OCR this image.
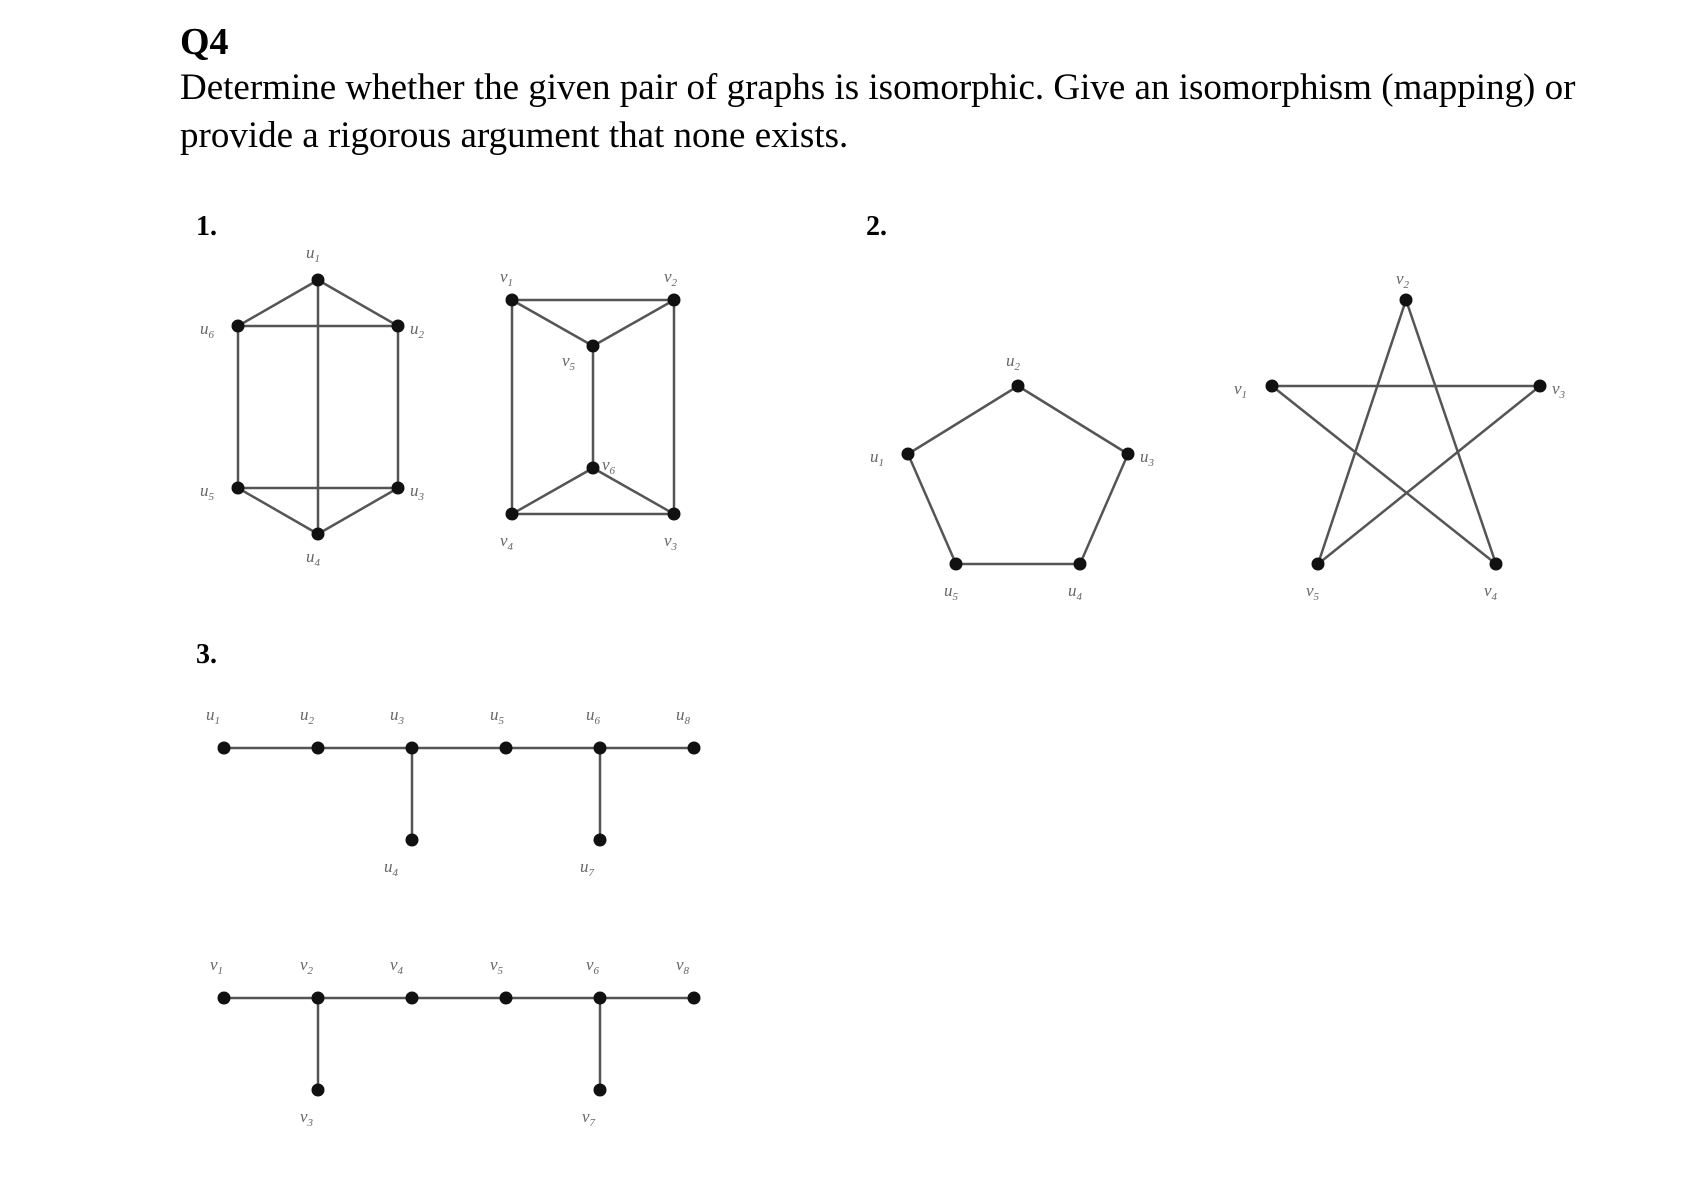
Q4

Determine whether the given pair of graphs is isomorphic. Give an isomorphism (mapping) or provide a rigorous argument that none exists.

1.	2.
3.
$u_1$
$u_2$
$u_3$
$u_4$
$u_5$
$u_6$
$v_1$	$v_2$
$v_3$
$v_4$
$v_5$
$v_6$
$u_1$
$u_2$
$u_3$
$u_4$
$u_5$
$v_1$
$v_2$
$v_3$
$v_4$
$v_5$
$u_1$	$u_2$	$u_3$
$u_4$
$u_5$	$u_6$
$u_7$
$u_8$
$v_1$	$v_2$
$v_3$
$v_4$	$v_5$	$v_6$
$v_7$
$v_8$
